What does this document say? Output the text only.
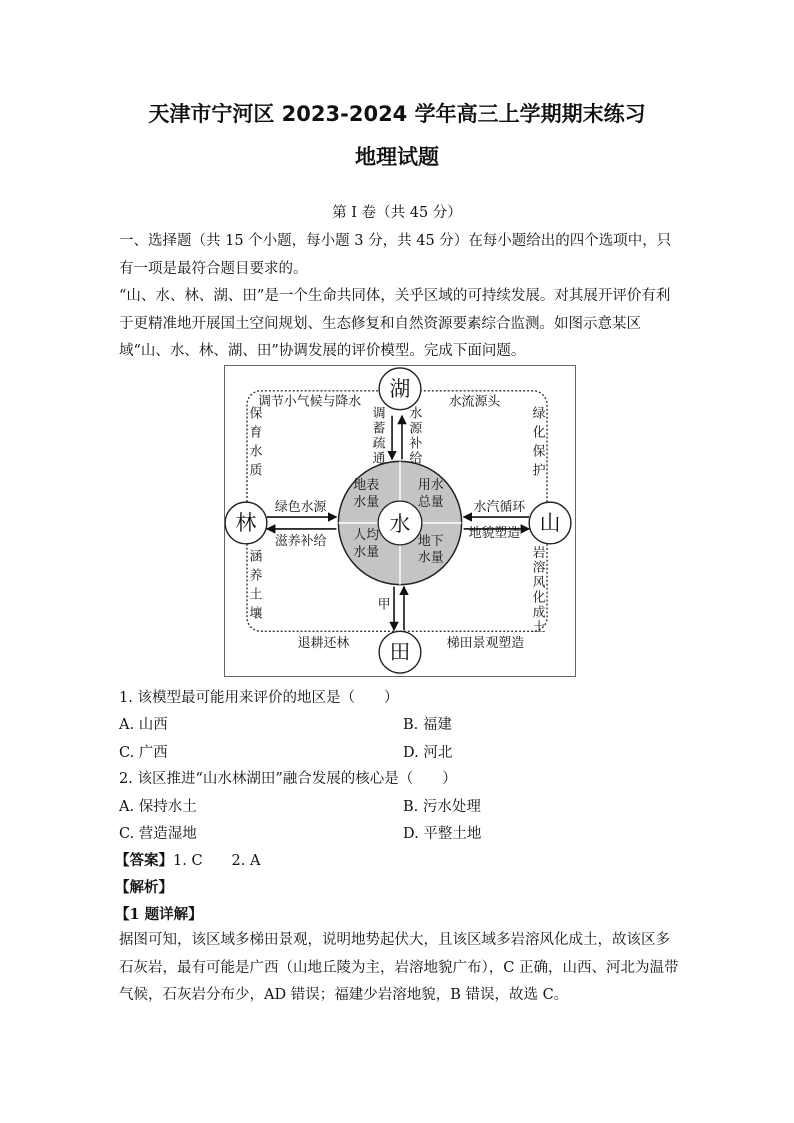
天津市宁河区 2023-2024 学年高三上学期期末练习
地理试题
第 I 卷（共 45 分）

一、选择题（共 15 个小题，每小题 3 分，共 45 分）在每小题给出的四个选项中，只有一项是最符合题目要求的。

“山、水、林、湖、田”是一个生命共同体，关乎区域的可持续发展。对其展开评价有利于更精准地开展国土空间规划、生态修复和自然资源要素综合监测。如图示意某区域“山、水、林、湖、田”协调发展的评价模型。完成下面问题。

湖
林	山
田
水
地表水量
用水总量
人均水量
地下水量
调蓄疏通
水源补给
甲
绿色水源
滋养补给
水汽循环
地貌塑造
调节小气候与降水	水流源头
保育水质
涵养土壤
绿化保护
岩溶风化成土
退耕还林	梯田景观塑造
1. 该模型最可能用来评价的地区是（　　）
A. 山西	B. 福建
C. 广西	D. 河北
2. 该区推进“山水林湖田”融合发展的核心是（　　）
A. 保持水土	B. 污水处理
C. 营造湿地	D. 平整土地
【答案】1. C　　2. A
【解析】
【1 题详解】

据图可知，该区域多梯田景观，说明地势起伏大，且该区域多岩溶风化成土，故该区多石灰岩，最有可能是广西（山地丘陵为主，岩溶地貌广布），C 正确，山西、河北为温带气候，石灰岩分布少，AD 错误；福建少岩溶地貌，B 错误，故选 C。
